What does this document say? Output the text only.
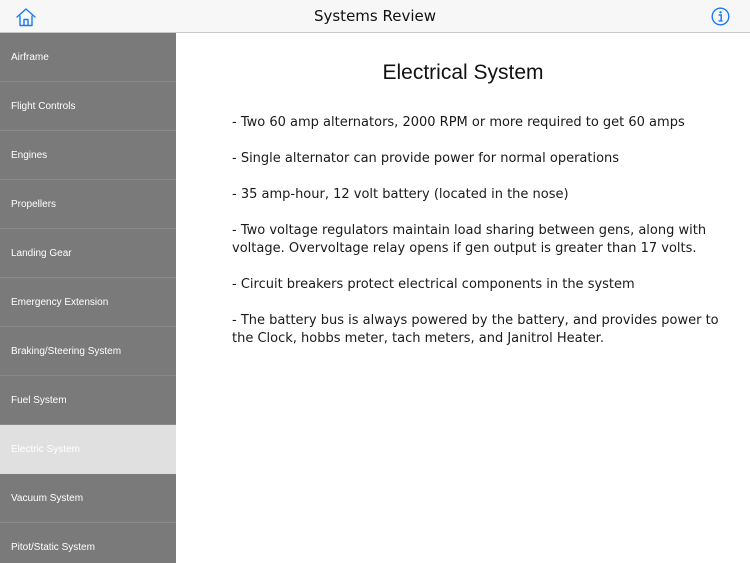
Systems Review
Airframe
Flight Controls
Engines
Propellers
Landing Gear
Emergency Extension
Braking/Steering System
Fuel System
Electric System
Vacuum System
Pitot/Static System
Electrical System

- Two 60 amp alternators, 2000 RPM or more required to get 60 amps

- Single alternator can provide power for normal operations

- 35 amp-hour, 12 volt battery (located in the nose)

- Two voltage regulators maintain load sharing between gens, along with voltage. Overvoltage relay opens if gen output is greater than 17 volts.

- Circuit breakers protect electrical components in the system

- The battery bus is always powered by the battery, and provides power to the Clock, hobbs meter, tach meters, and Janitrol Heater.
